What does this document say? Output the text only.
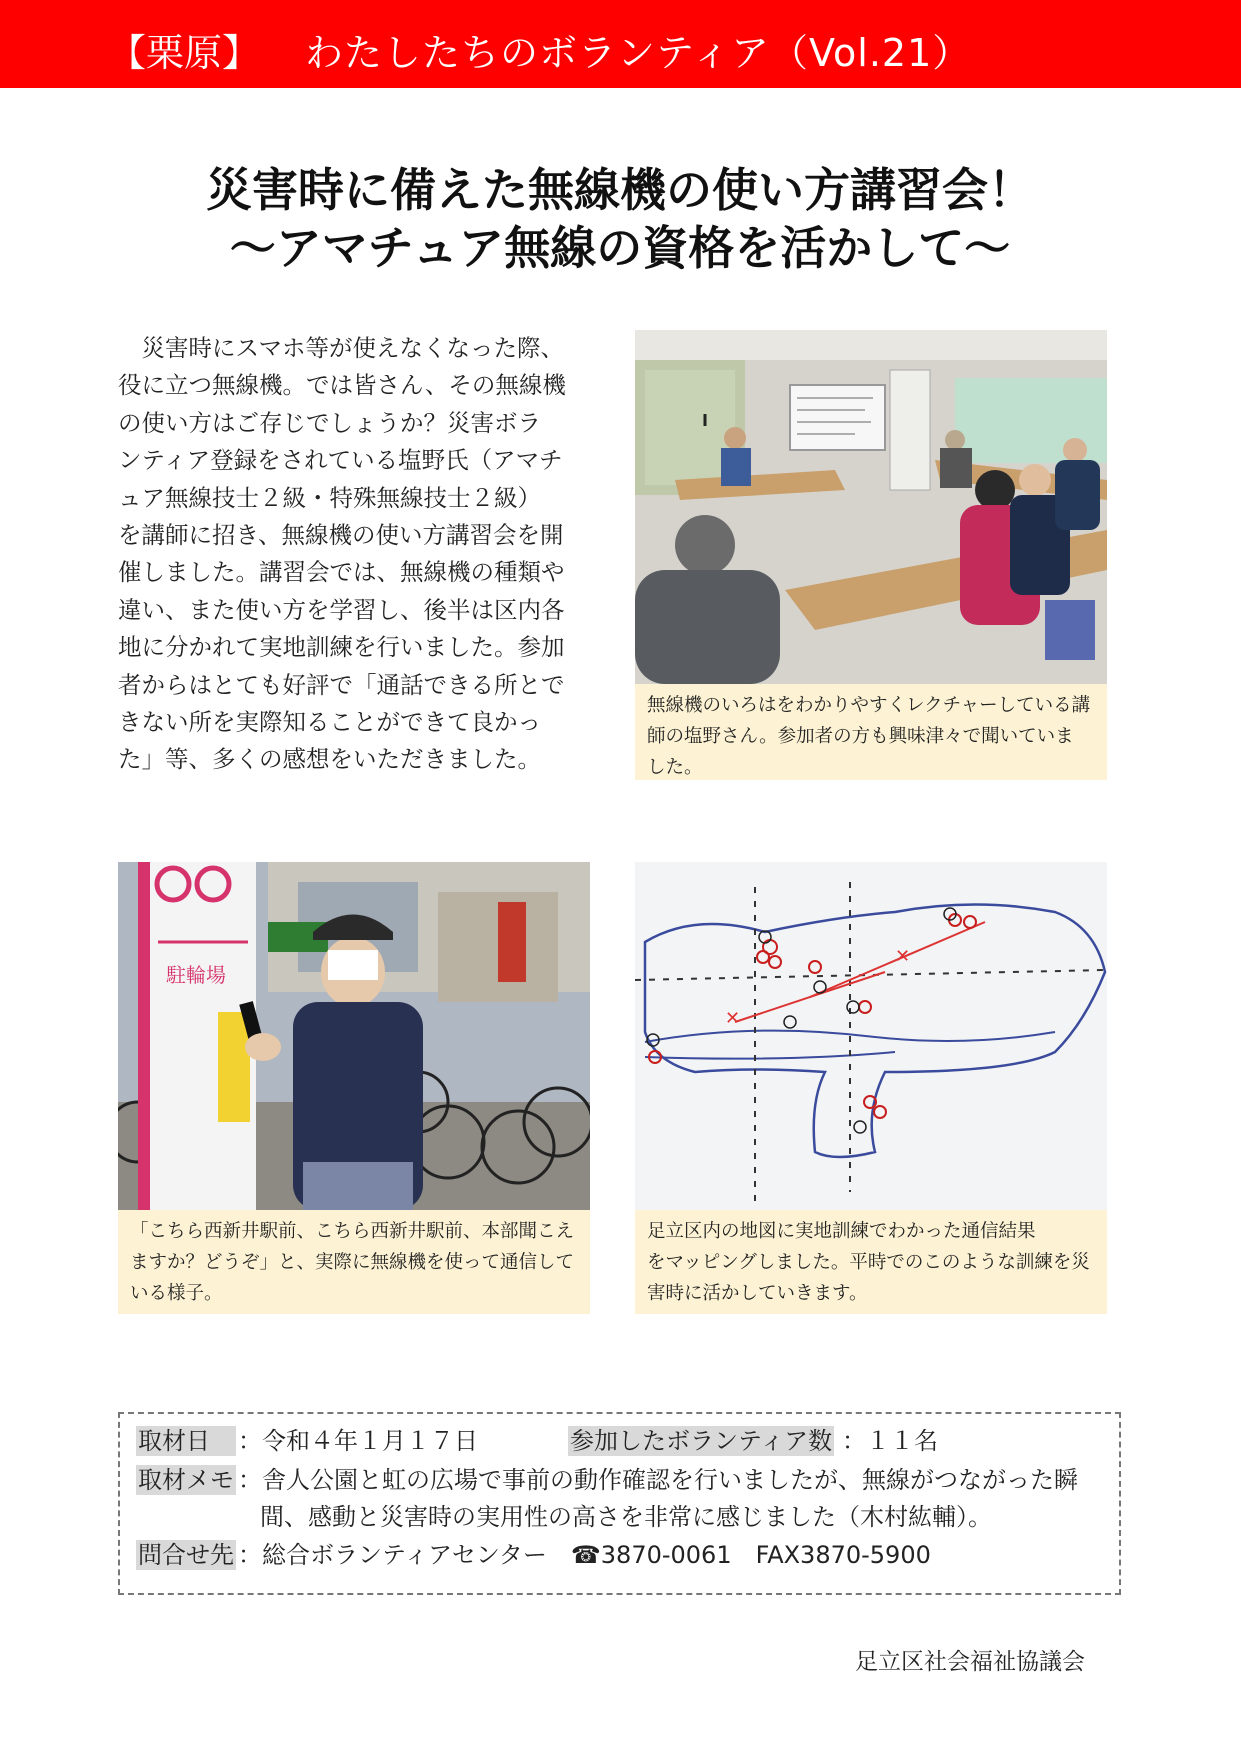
【栗原】 わたしたちのボランティア（Vol.21）
災害時に備えた無線機の使い方講習会！
～アマチュア無線の資格を活かして～
　災害時にスマホ等が使えなくなった際、
役に立つ無線機。では皆さん、その無線機
の使い方はご存じでしょうか？災害ボラ
ンティア登録をされている塩野氏（アマチ
ュア無線技士２級・特殊無線技士２級）
を講師に招き、無線機の使い方講習会を開
催しました。講習会では、無線機の種類や
違い、また使い方を学習し、後半は区内各
地に分かれて実地訓練を行いました。参加
者からはとても好評で「通話できる所とで
きない所を実際知ることができて良かっ
た」等、多くの感想をいただきました。
無線機のいろはをわかりやすくレクチャーしている講
師の塩野さん。参加者の方も興味津々で聞いていま
した。
駐輪場
「こちら西新井駅前、こちら西新井駅前、本部聞こえ
ますか？どうぞ」と、実際に無線機を使って通信して
いる様子。
✕
✕
足立区内の地図に実地訓練でわかった通信結果
をマッピングしました。平時でのこのような訓練を災
害時に活かしていきます。
取材日	：令和４年１月１７日	参加したボランティア数 ：１１名
取材メモ ：舎人公園と虹の広場で事前の動作確認を行いましたが、無線がつながった瞬
間、感動と災害時の実用性の高さを非常に感じました（木村紘輔）。
問合せ先 ：総合ボランティアセンター　☎3870-0061　FAX3870-5900
足立区社会福祉協議会
